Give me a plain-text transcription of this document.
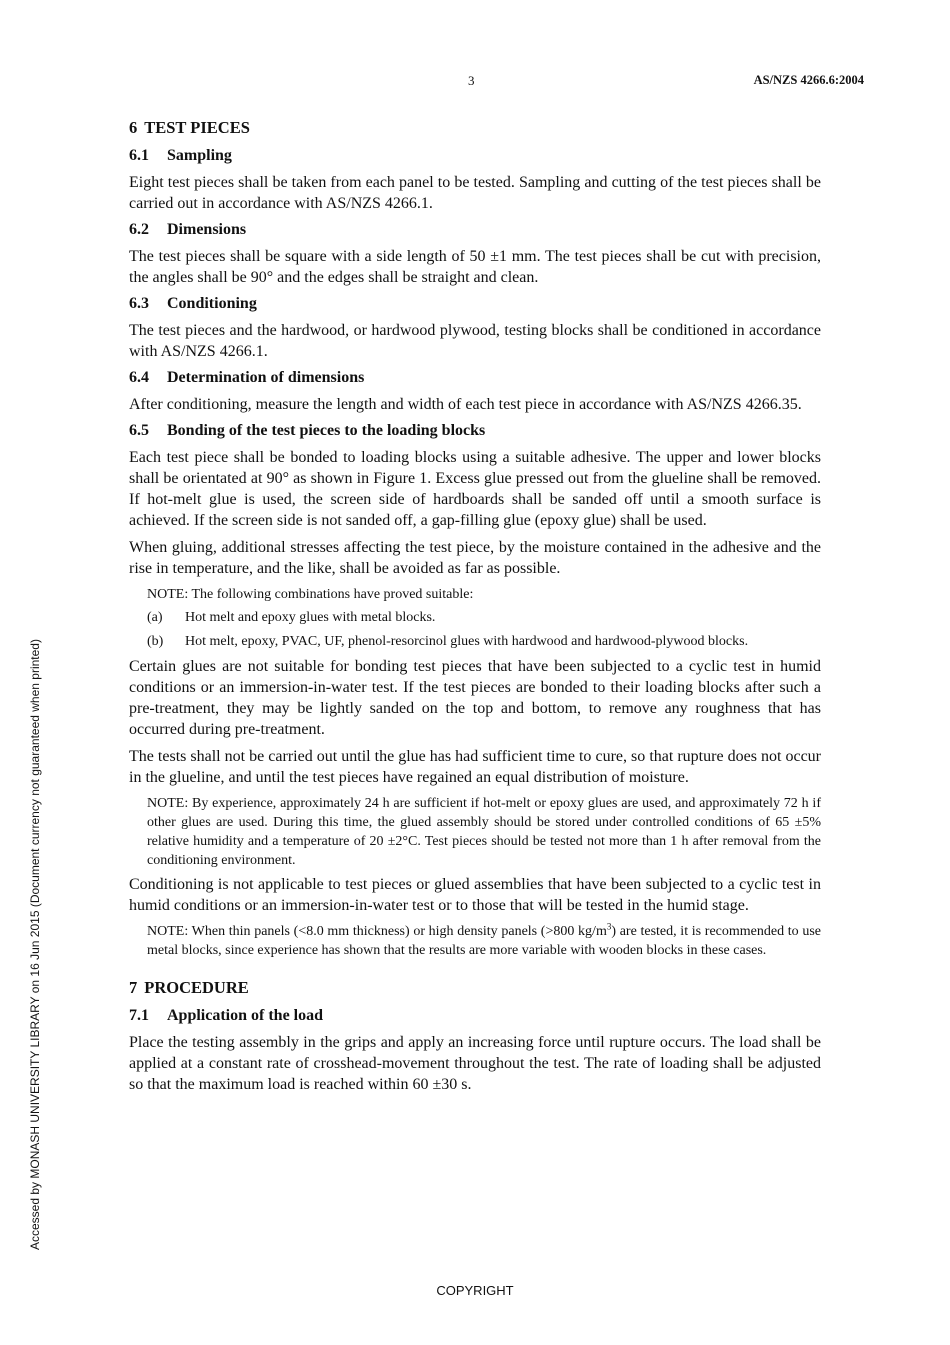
3	AS/NZS 4266.6:2004
6 TEST PIECES
6.1 Sampling
Eight test pieces shall be taken from each panel to be tested. Sampling and cutting of the test pieces shall be carried out in accordance with AS/NZS 4266.1.
6.2 Dimensions
The test pieces shall be square with a side length of 50 ±1 mm. The test pieces shall be cut with precision, the angles shall be 90° and the edges shall be straight and clean.
6.3 Conditioning
The test pieces and the hardwood, or hardwood plywood, testing blocks shall be conditioned in accordance with AS/NZS 4266.1.
6.4 Determination of dimensions
After conditioning, measure the length and width of each test piece in accordance with AS/NZS 4266.35.
6.5 Bonding of the test pieces to the loading blocks
Each test piece shall be bonded to loading blocks using a suitable adhesive. The upper and lower blocks shall be orientated at 90° as shown in Figure 1. Excess glue pressed out from the glueline shall be removed. If hot-melt glue is used, the screen side of hardboards shall be sanded off until a smooth surface is achieved. If the screen side is not sanded off, a gap-filling glue (epoxy glue) shall be used.
When gluing, additional stresses affecting the test piece, by the moisture contained in the adhesive and the rise in temperature, and the like, shall be avoided as far as possible.
NOTE: The following combinations have proved suitable:
(a)	Hot melt and epoxy glues with metal blocks.
(b)	Hot melt, epoxy, PVAC, UF, phenol-resorcinol glues with hardwood and hardwood-plywood blocks.
Certain glues are not suitable for bonding test pieces that have been subjected to a cyclic test in humid conditions or an immersion-in-water test. If the test pieces are bonded to their loading blocks after such a pre-treatment, they may be lightly sanded on the top and bottom, to remove any roughness that has occurred during pre-treatment.
The tests shall not be carried out until the glue has had sufficient time to cure, so that rupture does not occur in the glueline, and until the test pieces have regained an equal distribution of moisture.
NOTE: By experience, approximately 24 h are sufficient if hot-melt or epoxy glues are used, and approximately 72 h if other glues are used. During this time, the glued assembly should be stored under controlled conditions of 65 ±5% relative humidity and a temperature of 20 ±2°C. Test pieces should be tested not more than 1 h after removal from the conditioning environment.
Conditioning is not applicable to test pieces or glued assemblies that have been subjected to a cyclic test in humid conditions or an immersion-in-water test or to those that will be tested in the humid stage.
NOTE: When thin panels (<8.0 mm thickness) or high density panels (>800 $kg/m^3$) are tested, it is recommended to use metal blocks, since experience has shown that the results are more variable with wooden blocks in these cases.
7 PROCEDURE
7.1 Application of the load
Place the testing assembly in the grips and apply an increasing force until rupture occurs. The load shall be applied at a constant rate of crosshead-movement throughout the test. The rate of loading shall be adjusted so that the maximum load is reached within 60 ±30 s.
Accessed by MONASH UNIVERSITY LIBRARY on 16 Jun 2015 (Document currency not guaranteed when printed)
COPYRIGHT
